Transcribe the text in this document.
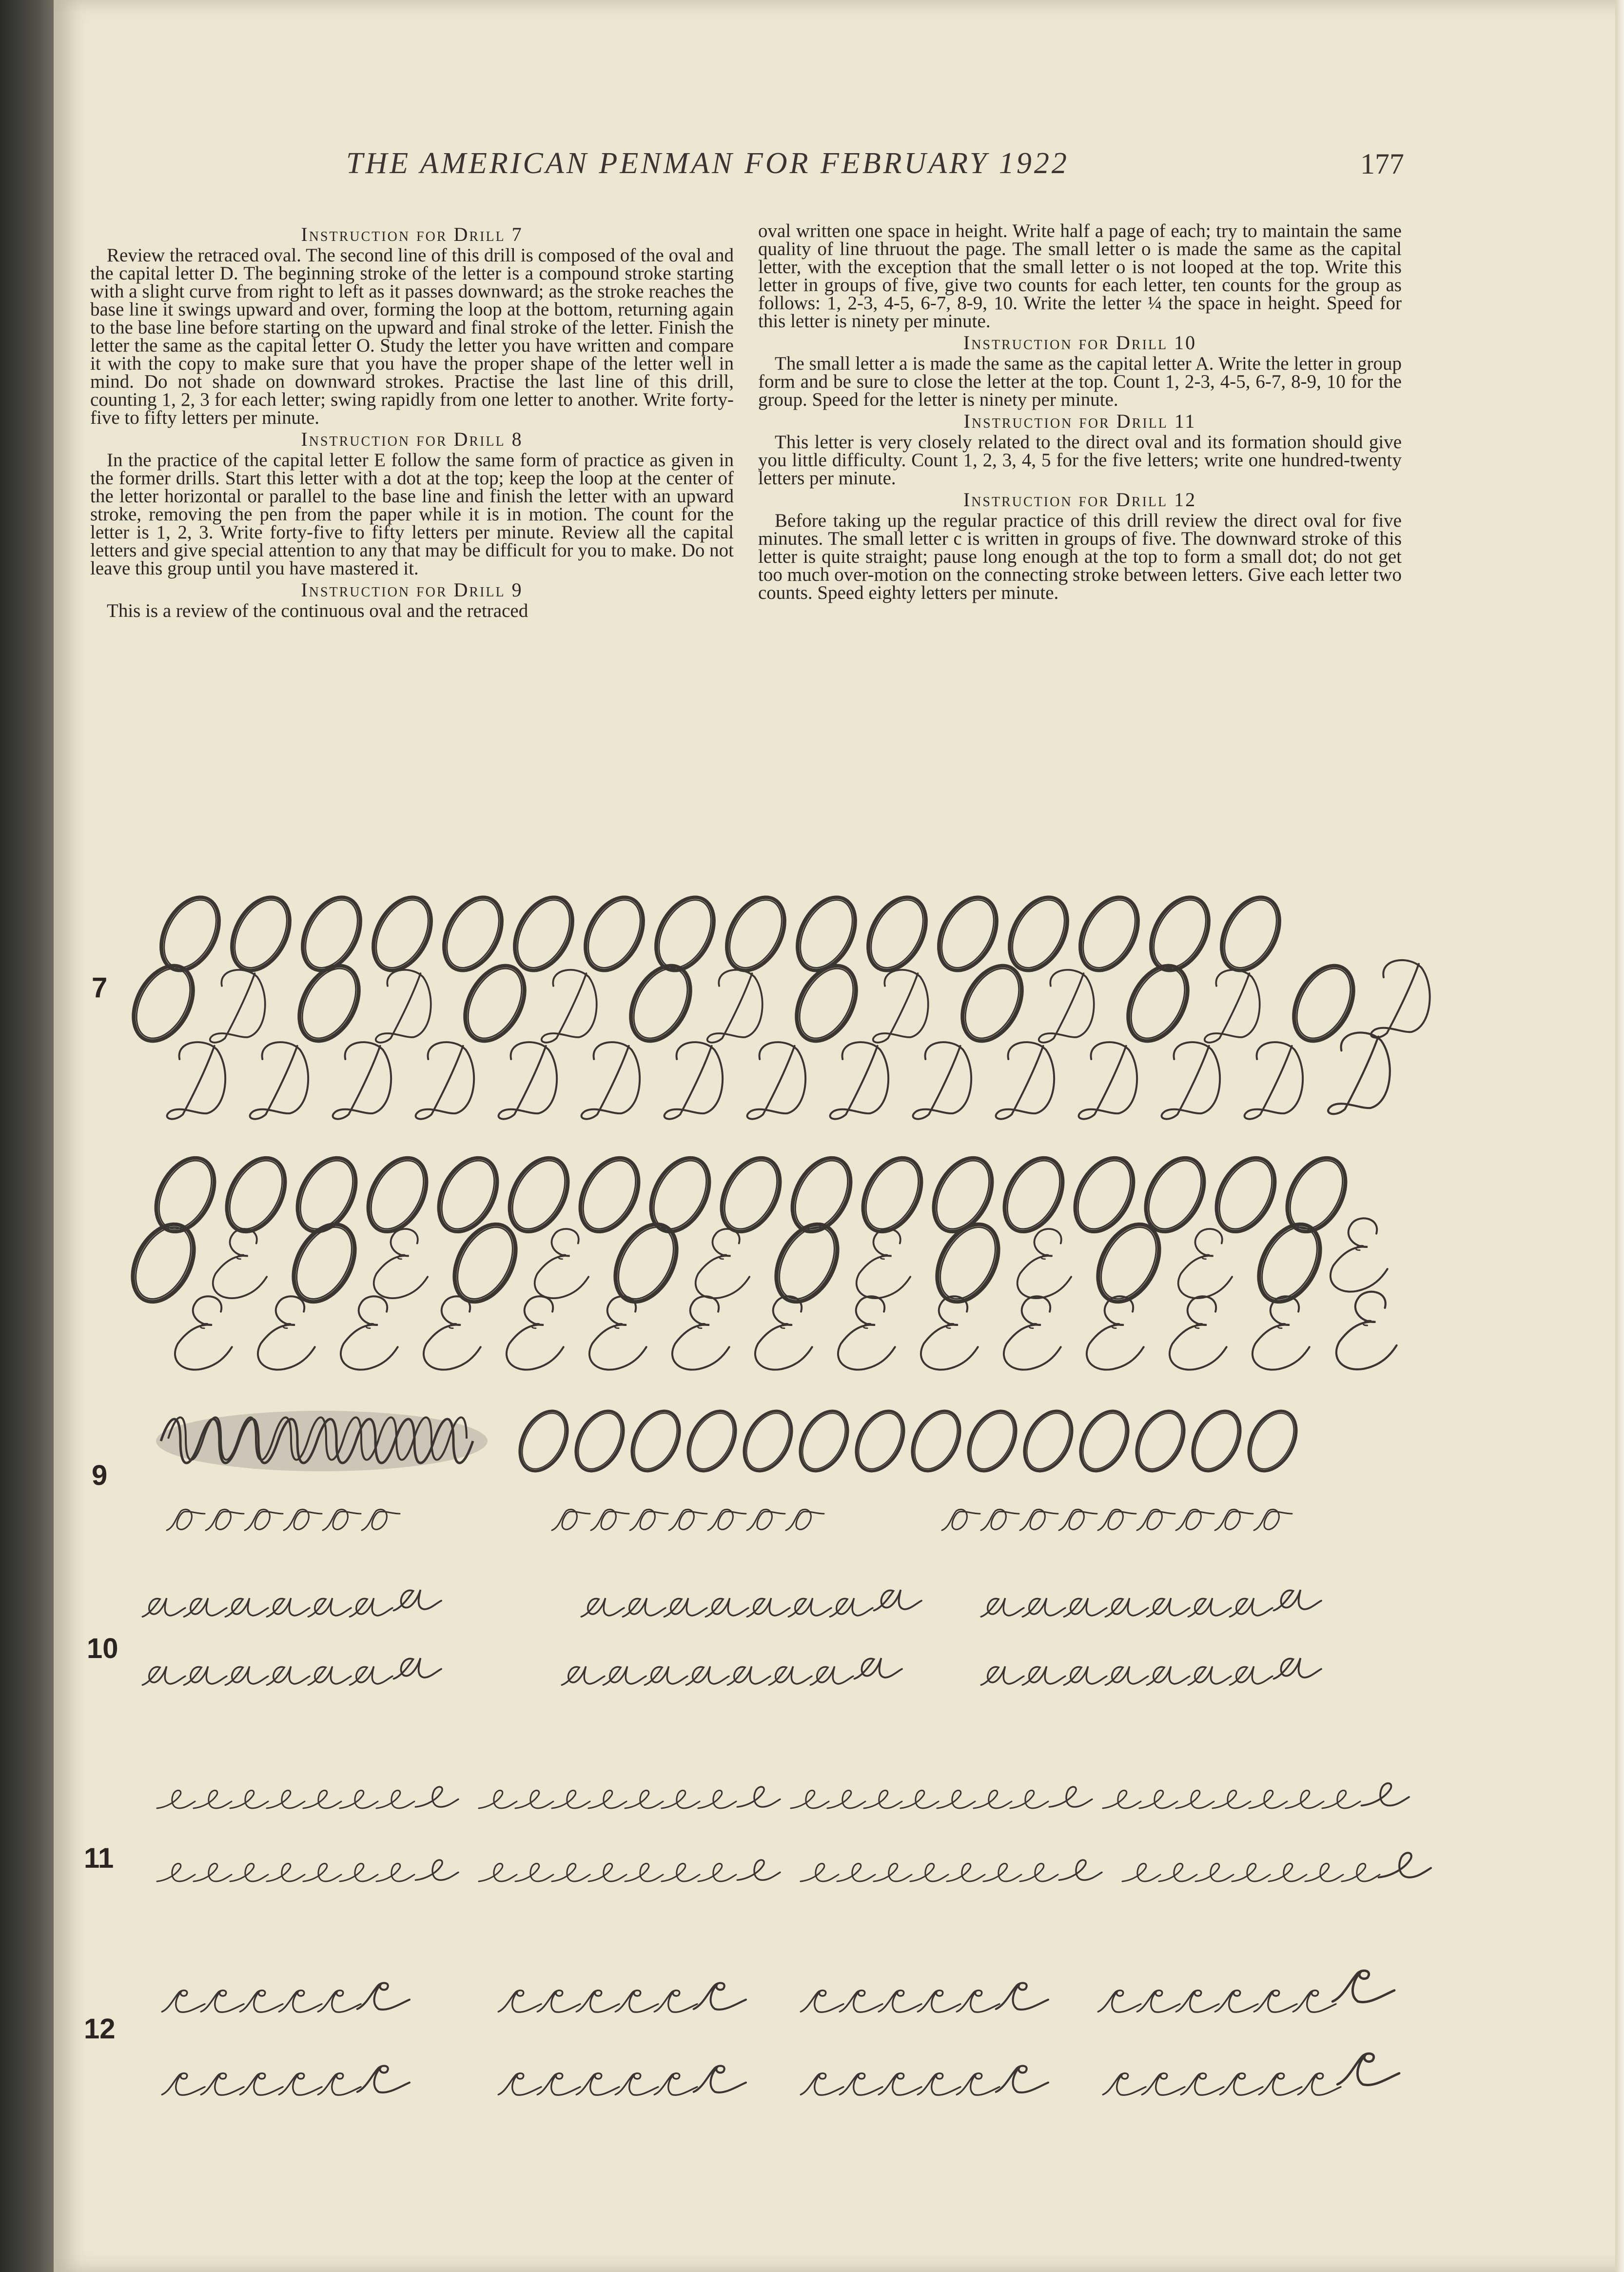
THE AMERICAN PENMAN FOR FEBRUARY 1922	177
Instruction for Drill 7

Review the retraced oval. The second line of this drill is composed of the oval and the capital letter D. The beginning stroke of the letter is a compound stroke starting with a slight curve from right to left as it passes downward; as the stroke reaches the base line it swings upward and over, forming the loop at the bottom, returning again to the base line before starting on the upward and final stroke of the letter. Finish the letter the same as the capital letter O. Study the letter you have written and compare it with the copy to make sure that you have the proper shape of the letter well in mind. Do not shade on downward strokes. Practise the last line of this drill, counting 1, 2, 3 for each letter; swing rapidly from one letter to another. Write forty-five to fifty letters per minute.

Instruction for Drill 8

In the practice of the capital letter E follow the same form of practice as given in the former drills. Start this letter with a dot at the top; keep the loop at the center of the letter horizontal or parallel to the base line and finish the letter with an upward stroke, removing the pen from the paper while it is in motion. The count for the letter is 1, 2, 3. Write forty-five to fifty letters per minute. Review all the capital letters and give special attention to any that may be difficult for you to make. Do not leave this group until you have mastered it.

Instruction for Drill 9

This is a review of the continuous oval and the retraced

oval written one space in height. Write half a page of each; try to maintain the same quality of line thruout the page. The small letter o is made the same as the capital letter, with the exception that the small letter o is not looped at the top. Write this letter in groups of five, give two counts for each letter, ten counts for the group as follows: 1, 2-3, 4-5, 6-7, 8-9, 10. Write the letter ¼ the space in height. Speed for this letter is ninety per minute.

Instruction for Drill 10

The small letter a is made the same as the capital letter A. Write the letter in group form and be sure to close the letter at the top. Count 1, 2-3, 4-5, 6-7, 8-9, 10 for the group. Speed for the letter is ninety per minute.

Instruction for Drill 11

This letter is very closely related to the direct oval and its formation should give you little difficulty. Count 1, 2, 3, 4, 5 for the five letters; write one hundred-twenty letters per minute.

Instruction for Drill 12

Before taking up the regular practice of this drill review the direct oval for five minutes. The small letter c is written in groups of five. The downward stroke of this letter is quite straight; pause long enough at the top to form a small dot; do not get too much over-motion on the connecting stroke between letters. Give each letter two counts. Speed eighty letters per minute.

7
9
10
11
12
